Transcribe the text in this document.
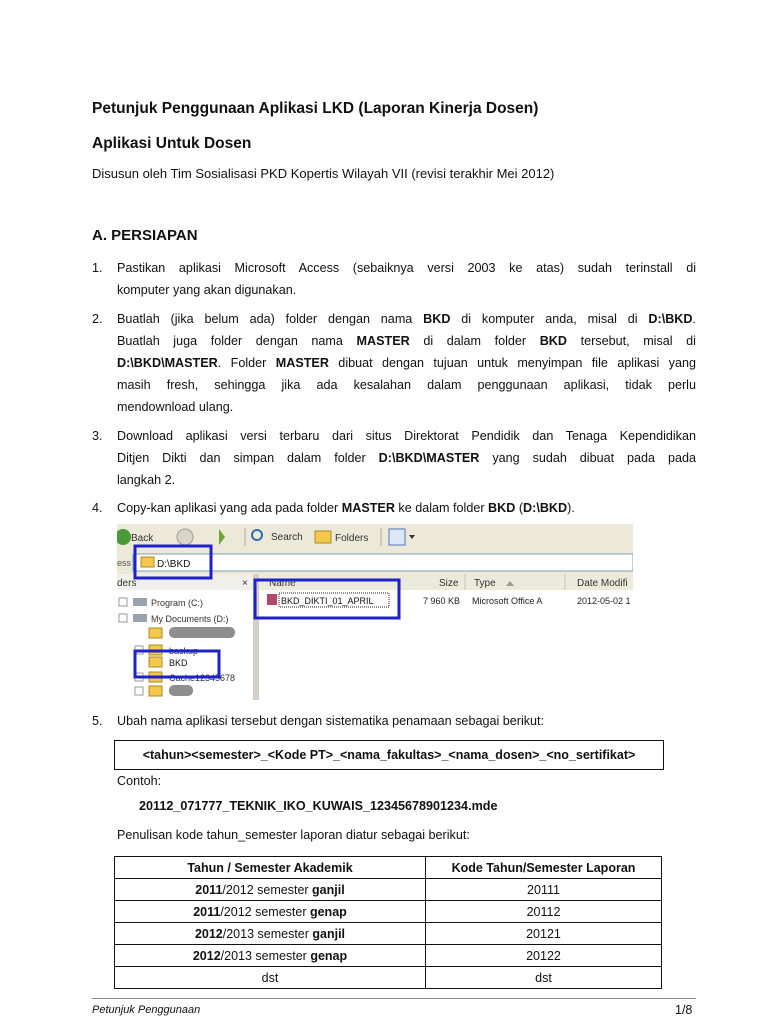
Petunjuk Penggunaan Aplikasi LKD (Laporan Kinerja Dosen)
Aplikasi Untuk Dosen
Disusun oleh Tim Sosialisasi PKD Kopertis Wilayah VII (revisi terakhir Mei 2012)
A. PERSIAPAN
1. Pastikan aplikasi Microsoft Access (sebaiknya versi 2003 ke atas) sudah terinstall di
komputer yang akan digunakan.
2. Buatlah (jika belum ada) folder dengan nama BKD di komputer anda, misal di D:\BKD.
Buatlah juga folder dengan nama MASTER di dalam folder BKD tersebut, misal di
D:\BKD\MASTER. Folder MASTER dibuat dengan tujuan untuk menyimpan file aplikasi yang
masih fresh, sehingga jika ada kesalahan dalam penggunaan aplikasi, tidak perlu
mendownload ulang.
3. Download aplikasi versi terbaru dari situs Direktorat Pendidik dan Tenaga Kependidikan
Ditjen Dikti dan simpan dalam folder D:\BKD\MASTER yang sudah dibuat pada pada
langkah 2.
4. Copy-kan aplikasi yang ada pada folder MASTER ke dalam folder BKD (D:\BKD).
Back	Search	Folders
ess	D:\BKD
ders	×
Program (C:)
My Documents (D:)
backup
BKD
Cache12345678
Name	Size Type	Date Modifi
BKD_DIKTI_01_APRIL	7 960 KB Microsoft Office A	2012-05-02 1
5. Ubah nama aplikasi tersebut dengan sistematika penamaan sebagai berikut:
<tahun><semester>_<Kode PT>_<nama_fakultas>_<nama_dosen>_<no_sertifikat>
Contoh:
20112_071777_TEKNIK_IKO_KUWAIS_12345678901234.mde
Penulisan kode tahun_semester laporan diatur sebagai berikut:
Tahun / Semester Akademik	Kode Tahun/Semester Laporan
2011/2012 semester ganjil	20111
2011/2012 semester genap	20112
2012/2013 semester ganjil	20121
2012/2013 semester genap	20122
dst	dst
Petunjuk Penggunaan	1/8
